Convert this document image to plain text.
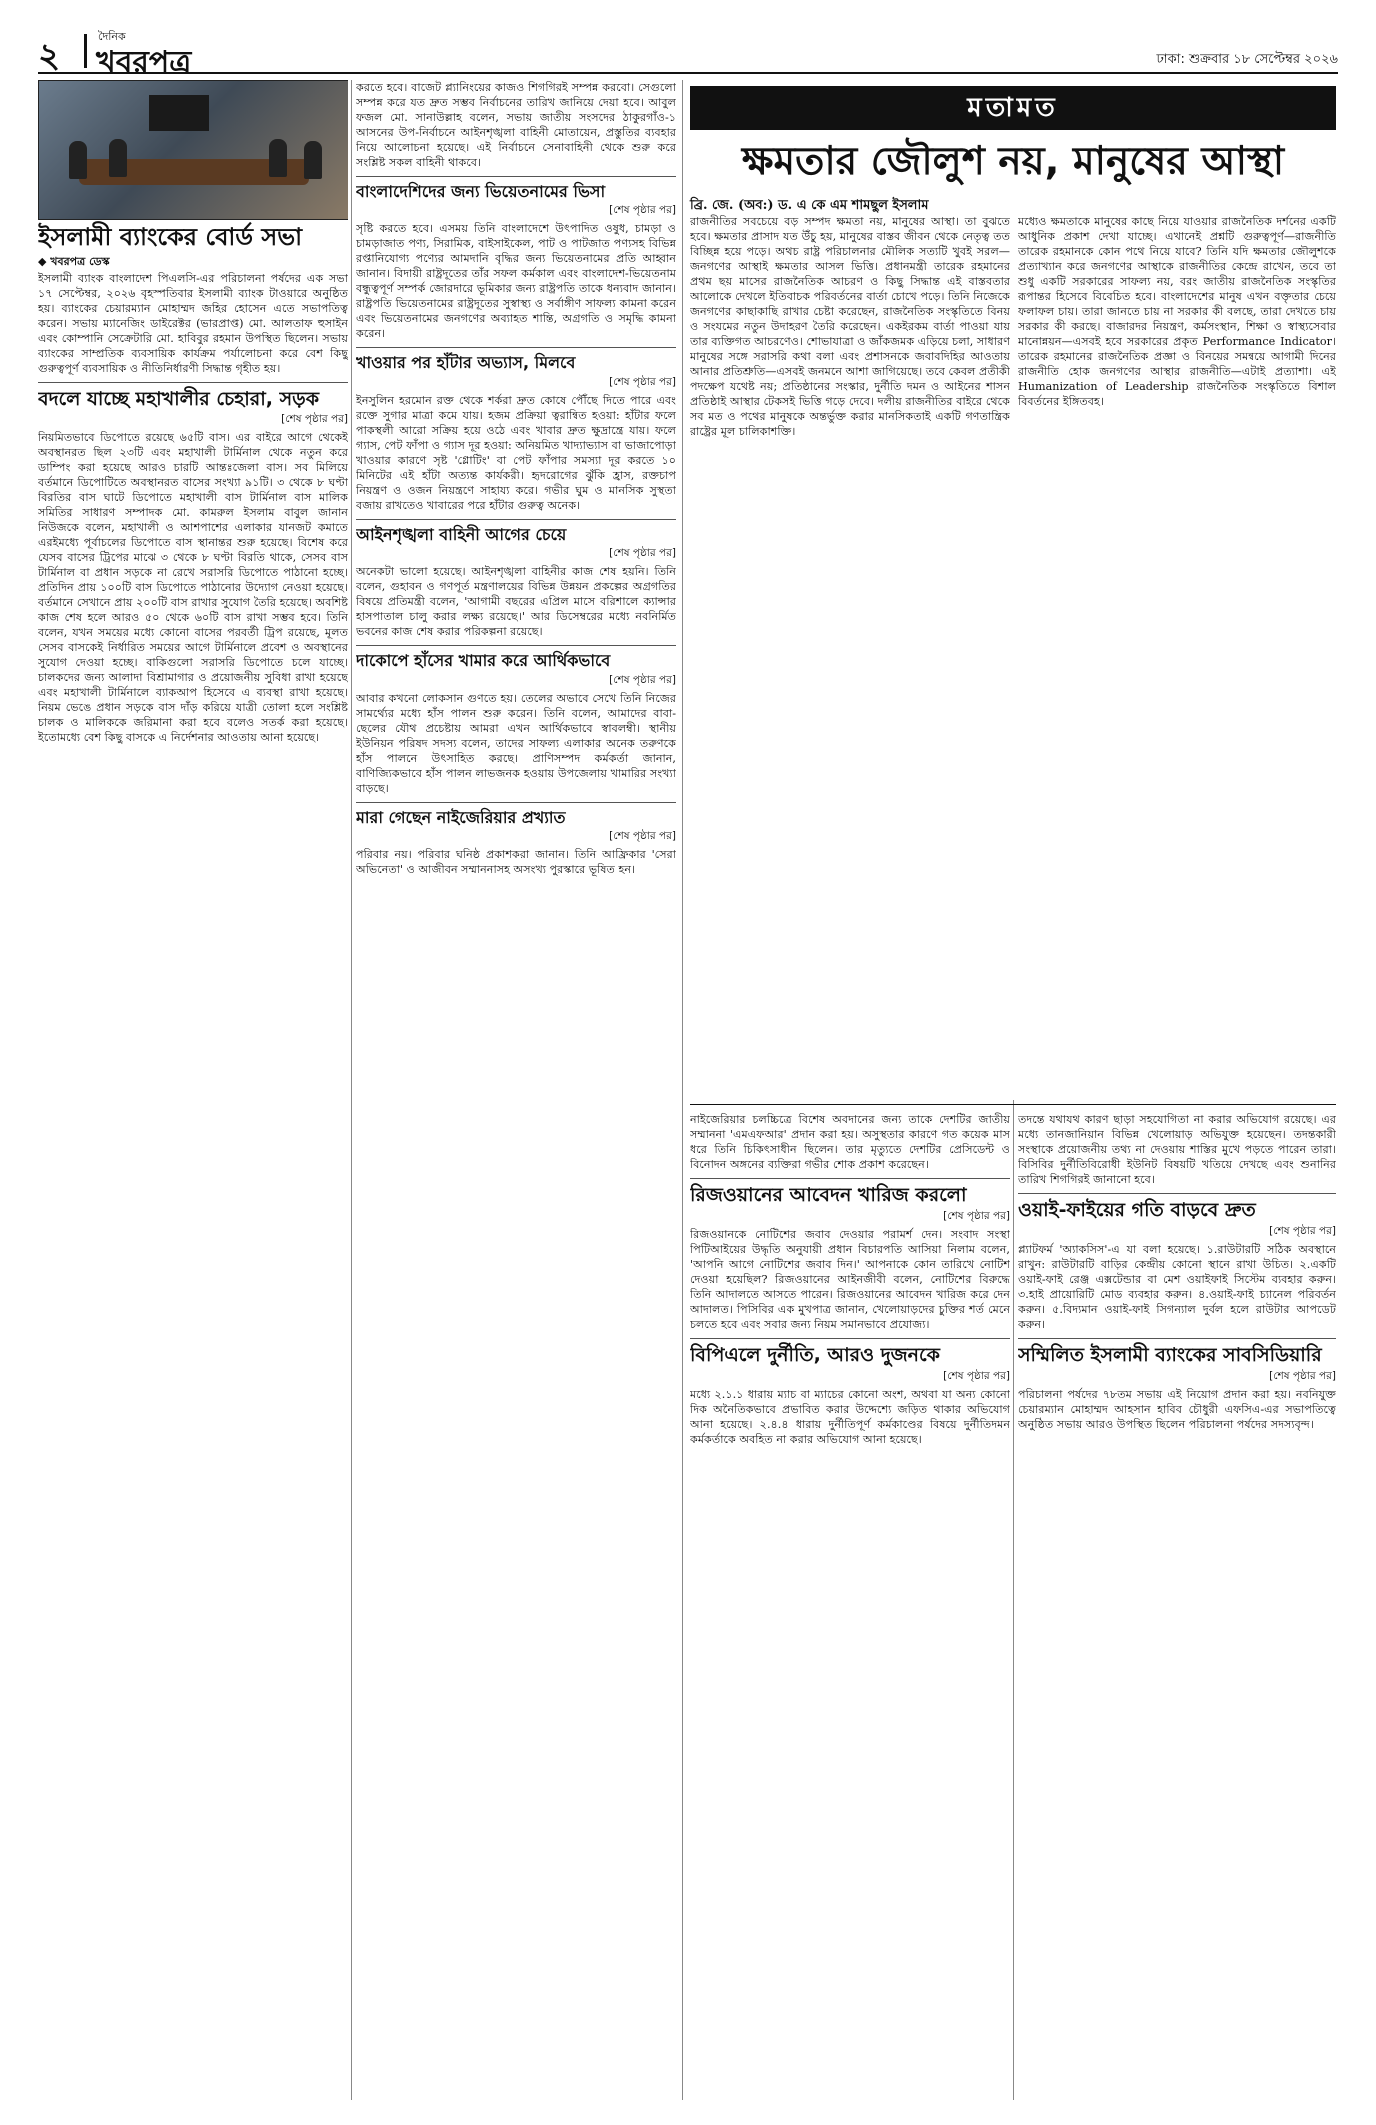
২	দৈনিক
খবরপত্র	ঢাকা: শুক্রবার ১৮ সেপ্টেম্বর ২০২৬
ইসলামী ব্যাংকের বোর্ড সভা
◆ খবরপত্র ডেস্ক

ইসলামী ব্যাংক বাংলাদেশ পিএলসি-এর পরিচালনা পর্ষদের এক সভা ১৭ সেপ্টেম্বর, ২০২৬ বৃহস্পতিবার ইসলামী ব্যাংক টাওয়ারে অনুষ্ঠিত হয়। ব্যাংকের চেয়ারম্যান মোহাম্মদ জহির হোসেন এতে সভাপতিত্ব করেন। সভায় ম্যানেজিং ডাইরেক্টর (ভারপ্রাপ্ত) মো. আলতাফ হুসাইন এবং কোম্পানি সেক্রেটারি মো. হাবিবুর রহমান উপস্থিত ছিলেন। সভায় ব্যাংকের সাম্প্রতিক ব্যবসায়িক কার্যক্রম পর্যালোচনা করে বেশ কিছু গুরুত্বপূর্ণ ব্যবসায়িক ও নীতিনির্ধারণী সিদ্ধান্ত গৃহীত হয়।

বদলে যাচ্ছে মহাখালীর চেহারা, সড়ক
[শেষ পৃষ্ঠার পর]

নিয়মিতভাবে ডিপোতে রয়েছে ৬৫টি বাস। এর বাইরে আগে থেকেই অবস্থানরত ছিল ২৩টি এবং মহাখালী টার্মিনাল থেকে নতুন করে ডাম্পিং করা হয়েছে আরও চারটি আন্তঃজেলা বাস। সব মিলিয়ে বর্তমানে ডিপোটিতে অবস্থানরত বাসের সংখ্যা ৯১টি। ৩ থেকে ৮ ঘণ্টা বিরতির বাস ঘাটে ডিপোতে মহাখালী বাস টার্মিনাল বাস মালিক সমিতির সাধারণ সম্পাদক মো. কামরুল ইসলাম বাবুল জানান নিউজকে বলেন, মহাখালী ও আশপাশের এলাকার যানজট কমাতে এরইমধ্যে পূর্বাচলের ডিপোতে বাস স্থানান্তর শুরু হয়েছে। বিশেষ করে যেসব বাসের ট্রিপের মাঝে ৩ থেকে ৮ ঘণ্টা বিরতি থাকে, সেসব বাস টার্মিনাল বা প্রধান সড়কে না রেখে সরাসরি ডিপোতে পাঠানো হচ্ছে। প্রতিদিন প্রায় ১০০টি বাস ডিপোতে পাঠানোর উদ্যোগ নেওয়া হয়েছে। বর্তমানে সেখানে প্রায় ২০০টি বাস রাখার সুযোগ তৈরি হয়েছে। অবশিষ্ট কাজ শেষ হলে আরও ৫০ থেকে ৬০টি বাস রাখা সম্ভব হবে। তিনি বলেন, যখন সময়ের মধ্যে কোনো বাসের পরবর্তী ট্রিপ রয়েছে, মূলত সেসব বাসকেই নির্ধারিত সময়ের আগে টার্মিনালে প্রবেশ ও অবস্থানের সুযোগ দেওয়া হচ্ছে। বাকিগুলো সরাসরি ডিপোতে চলে যাচ্ছে। চালকদের জন্য আলাদা বিশ্রামাগার ও প্রয়োজনীয় সুবিধা রাখা হয়েছে এবং মহাখালী টার্মিনালে ব্যাকআপ হিসেবে এ ব্যবস্থা রাখা হয়েছে। নিয়ম ভেঙে প্রধান সড়কে বাস দাঁড় করিয়ে যাত্রী তোলা হলে সংশ্লিষ্ট চালক ও মালিককে জরিমানা করা হবে বলেও সতর্ক করা হয়েছে। ইতোমধ্যে বেশ কিছু বাসকে এ নির্দেশনার আওতায় আনা হয়েছে।

করতে হবে। বাজেট প্ল্যানিংয়ের কাজও শিগগিরই সম্পন্ন করবো। সেগুলো সম্পন্ন করে যত দ্রুত সম্ভব নির্বাচনের তারিখ জানিয়ে দেয়া হবে। আবুল ফজল মো. সানাউল্লাহ বলেন, সভায় জাতীয় সংসদের ঠাকুরগাঁও-১ আসনের উপ-নির্বাচনে আইনশৃঙ্খলা বাহিনী মোতায়েন, প্রস্তুতির ব্যবহার নিয়ে আলোচনা হয়েছে। এই নির্বাচনে সেনাবাহিনী থেকে শুরু করে সংশ্লিষ্ট সকল বাহিনী থাকবে।

বাংলাদেশিদের জন্য ভিয়েতনামের ভিসা
[শেষ পৃষ্ঠার পর]

সৃষ্টি করতে হবে। এসময় তিনি বাংলাদেশে উৎপাদিত ওষুধ, চামড়া ও চামড়াজাত পণ্য, সিরামিক, বাইসাইকেল, পাট ও পাটজাত পণ্যসহ বিভিন্ন রপ্তানিযোগ্য পণ্যের আমদানি বৃদ্ধির জন্য ভিয়েতনামের প্রতি আহ্বান জানান। বিদায়ী রাষ্ট্রদূতের তাঁর সফল কর্মকাল এবং বাংলাদেশ-ভিয়েতনাম বন্ধুত্বপূর্ণ সম্পর্ক জোরদারে ভূমিকার জন্য রাষ্ট্রপতি তাকে ধন্যবাদ জানান। রাষ্ট্রপতি ভিয়েতনামের রাষ্ট্রদূতের সুস্বাস্থ্য ও সর্বাঙ্গীণ সাফল্য কামনা করেন এবং ভিয়েতনামের জনগণের অব্যাহত শান্তি, অগ্রগতি ও সমৃদ্ধি কামনা করেন।

খাওয়ার পর হাঁটার অভ্যাস, মিলবে
[শেষ পৃষ্ঠার পর]

ইনসুলিন হরমোন রক্ত থেকে শর্করা দ্রুত কোষে পৌঁছে দিতে পারে এবং রক্তে সুগার মাত্রা কমে যায়। হজম প্রক্রিয়া ত্বরান্বিত হওয়া: হাঁটার ফলে পাকস্থলী আরো সক্রিয় হয়ে ওঠে এবং খাবার দ্রুত ক্ষুদ্রান্ত্রে যায়। ফলে গ্যাস, পেট ফাঁপা ও গ্যাস দূর হওয়া: অনিয়মিত খাদ্যাভ্যাস বা ভাজাপোড়া খাওয়ার কারণে সৃষ্ট 'গ্লোটিং' বা পেট ফাঁপার সমস্যা দূর করতে ১০ মিনিটের এই হাঁটা অত্যন্ত কার্যকরী। হৃদরোগের ঝুঁকি হ্রাস, রক্তচাপ নিয়ন্ত্রণ ও ওজন নিয়ন্ত্রণে সাহায্য করে। গভীর ঘুম ও মানসিক সুস্থতা বজায় রাখতেও খাবারের পরে হাঁটার গুরুত্ব অনেক।

আইনশৃঙ্খলা বাহিনী আগের চেয়ে
[শেষ পৃষ্ঠার পর]

অনেকটা ভালো হয়েছে। আইনশৃঙ্খলা বাহিনীর কাজ শেষ হয়নি। তিনি বলেন, গুহাবন ও গণপূর্ত মন্ত্রণালয়ের বিভিন্ন উন্নয়ন প্রকল্পের অগ্রগতির বিষয়ে প্রতিমন্ত্রী বলেন, 'আগামী বছরের এপ্রিল মাসে বরিশালে ক্যান্সার হাসপাতাল চালু করার লক্ষ্য রয়েছে।' আর ডিসেম্বরের মধ্যে নবনির্মিত ভবনের কাজ শেষ করার পরিকল্পনা রয়েছে।

দাকোপে হাঁসের খামার করে আর্থিকভাবে
[শেষ পৃষ্ঠার পর]

আবার কখনো লোকসান গুণতে হয়। তেলের অভাবে সেখে তিনি নিজের সামর্থ্যের মধ্যে হাঁস পালন শুরু করেন। তিনি বলেন, আমাদের বাবা-ছেলের যৌথ প্রচেষ্টায় আমরা এখন আর্থিকভাবে স্বাবলম্বী। স্থানীয় ইউনিয়ন পরিষদ সদস্য বলেন, তাদের সাফল্য এলাকার অনেক তরুণকে হাঁস পালনে উৎসাহিত করছে। প্রাণিসম্পদ কর্মকর্তা জানান, বাণিজ্যিকভাবে হাঁস পালন লাভজনক হওয়ায় উপজেলায় খামারির সংখ্যা বাড়ছে।

মারা গেছেন নাইজেরিয়ার প্রখ্যাত
[শেষ পৃষ্ঠার পর]

পরিবার নয়। পরিবার ঘনিষ্ঠ প্রকাশকরা জানান। তিনি আফ্রিকার 'সেরা অভিনেতা' ও আজীবন সম্মাননাসহ অসংখ্য পুরস্কারে ভূষিত হন।

মতামত
ক্ষমতার জৌলুশ নয়, মানুষের আস্থা
ব্রি. জে. (অব:) ড. এ কে এম শামছুল ইসলাম
রাজনীতির সবচেয়ে বড় সম্পদ ক্ষমতা নয়, মানুষের আস্থা। তা বুঝতে হবে। ক্ষমতার প্রাসাদ যত উঁচু হয়, মানুষের বাস্তব জীবন থেকে নেতৃত্ব তত বিচ্ছিন্ন হয়ে পড়ে। অথচ রাষ্ট্র পরিচালনার মৌলিক সত্যটি খুবই সরল—জনগণের আস্থাই ক্ষমতার আসল ভিত্তি। প্রধানমন্ত্রী তারেক রহমানের প্রথম ছয় মাসের রাজনৈতিক আচরণ ও কিছু সিদ্ধান্ত এই বাস্তবতার আলোকে দেখলে ইতিবাচক পরিবর্তনের বার্তা চোখে পড়ে। তিনি নিজেকে জনগণের কাছাকাছি রাখার চেষ্টা করেছেন, রাজনৈতিক সংস্কৃতিতে বিনয় ও সংযমের নতুন উদাহরণ তৈরি করেছেন। একইরকম বার্তা পাওয়া যায় তার ব্যক্তিগত আচরণেও। শোভাযাত্রা ও জাঁকজমক এড়িয়ে চলা, সাধারণ মানুষের সঙ্গে সরাসরি কথা বলা এবং প্রশাসনকে জবাবদিহির আওতায় আনার প্রতিশ্রুতি—এসবই জনমনে আশা জাগিয়েছে। তবে কেবল প্রতীকী পদক্ষেপ যথেষ্ট নয়; প্রতিষ্ঠানের সংস্কার, দুর্নীতি দমন ও আইনের শাসন প্রতিষ্ঠাই আস্থার টেকসই ভিত্তি গড়ে দেবে। দলীয় রাজনীতির বাইরে থেকে সব মত ও পথের মানুষকে অন্তর্ভুক্ত করার মানসিকতাই একটি গণতান্ত্রিক রাষ্ট্রের মূল চালিকাশক্তি।
মধ্যেও ক্ষমতাকে মানুষের কাছে নিয়ে যাওয়ার রাজনৈতিক দর্শনের একটি আধুনিক প্রকাশ দেখা যাচ্ছে। এখানেই প্রশ্নটি গুরুত্বপূর্ণ—রাজনীতি তারেক রহমানকে কোন পথে নিয়ে যাবে? তিনি যদি ক্ষমতার জৌলুশকে প্রত্যাখ্যান করে জনগণের আস্থাকে রাজনীতির কেন্দ্রে রাখেন, তবে তা শুধু একটি সরকারের সাফল্য নয়, বরং জাতীয় রাজনৈতিক সংস্কৃতির রূপান্তর হিসেবে বিবেচিত হবে। বাংলাদেশের মানুষ এখন বক্তৃতার চেয়ে ফলাফল চায়। তারা জানতে চায় না সরকার কী বলছে, তারা দেখতে চায় সরকার কী করছে। বাজারদর নিয়ন্ত্রণ, কর্মসংস্থান, শিক্ষা ও স্বাস্থ্যসেবার মানোন্নয়ন—এসবই হবে সরকারের প্রকৃত Performance Indicator। তারেক রহমানের রাজনৈতিক প্রজ্ঞা ও বিনয়ের সমন্বয়ে আগামী দিনের রাজনীতি হোক জনগণের আস্থার রাজনীতি—এটাই প্রত্যাশা। এই Humanization of Leadership রাজনৈতিক সংস্কৃতিতে বিশাল বিবর্তনের ইঙ্গিতবহ।

নাইজেরিয়ার চলচ্চিত্রে বিশেষ অবদানের জন্য তাকে দেশটির জাতীয় সম্মাননা 'এমএফআর' প্রদান করা হয়। অসুস্থতার কারণে গত কয়েক মাস ধরে তিনি চিকিৎসাধীন ছিলেন। তার মৃত্যুতে দেশটির প্রেসিডেন্ট ও বিনোদন অঙ্গনের ব্যক্তিরা গভীর শোক প্রকাশ করেছেন।

রিজওয়ানের আবেদন খারিজ করলো
[শেষ পৃষ্ঠার পর]

রিজওয়ানকে নোটিশের জবাব দেওয়ার পরামর্শ দেন। সংবাদ সংস্থা পিটিআইয়ের উদ্ধৃতি অনুযায়ী প্রধান বিচারপতি আসিয়া নিলাম বলেন, 'আপনি আগে নোটিশের জবাব দিন।' আপনাকে কোন তারিখে নোটিশ দেওয়া হয়েছিল? রিজওয়ানের আইনজীবী বলেন, নোটিশের বিরুদ্ধে তিনি আদালতে আসতে পারেন। রিজওয়ানের আবেদন খারিজ করে দেন আদালত। পিসিবির এক মুখপাত্র জানান, খেলোয়াড়দের চুক্তির শর্ত মেনে চলতে হবে এবং সবার জন্য নিয়ম সমানভাবে প্রযোজ্য।

বিপিএলে দুর্নীতি, আরও দুজনকে
[শেষ পৃষ্ঠার পর]

মধ্যে ২.১.১ ধারায় ম্যাচ বা ম্যাচের কোনো অংশ, অথবা যা অন্য কোনো দিক অনৈতিকভাবে প্রভাবিত করার উদ্দেশ্যে জড়িত থাকার অভিযোগ আনা হয়েছে। ২.৪.৪ ধারায় দুর্নীতিপূর্ণ কর্মকাণ্ডের বিষয়ে দুর্নীতিদমন কর্মকর্তাকে অবহিত না করার অভিযোগ আনা হয়েছে।

তদন্তে যথাযথ কারণ ছাড়া সহযোগিতা না করার অভিযোগ রয়েছে। এর মধ্যে তানজানিয়ান বিভিন্ন খেলোয়াড় অভিযুক্ত হয়েছেন। তদন্তকারী সংস্থাকে প্রয়োজনীয় তথ্য না দেওয়ায় শাস্তির মুখে পড়তে পারেন তারা। বিসিবির দুর্নীতিবিরোধী ইউনিট বিষয়টি খতিয়ে দেখছে এবং শুনানির তারিখ শিগগিরই জানানো হবে।

ওয়াই-ফাইয়ের গতি বাড়বে দ্রুত
[শেষ পৃষ্ঠার পর]

প্ল্যাটফর্ম 'অ্যাকসিস'-এ যা বলা হয়েছে। ১.রাউটারটি সঠিক অবস্থানে রাখুন: রাউটারটি বাড়ির কেন্দ্রীয় কোনো স্থানে রাখা উচিত। ২.একটি ওয়াই-ফাই রেঞ্জ এক্সটেন্ডার বা মেশ ওয়াইফাই সিস্টেম ব্যবহার করুন। ৩.হাই প্রায়োরিটি মোড ব্যবহার করুন। ৪.ওয়াই-ফাই চ্যানেল পরিবর্তন করুন। ৫.বিদ্যমান ওয়াই-ফাই সিগন্যাল দুর্বল হলে রাউটার আপডেট করুন।

সম্মিলিত ইসলামী ব্যাংকের সাবসিডিয়ারি
[শেষ পৃষ্ঠার পর]

পরিচালনা পর্ষদের ৭৮তম সভায় এই নিয়োগ প্রদান করা হয়। নবনিযুক্ত চেয়ারম্যান মোহাম্মদ আহসান হাবিব চৌধুরী এফসিএ-এর সভাপতিত্বে অনুষ্ঠিত সভায় আরও উপস্থিত ছিলেন পরিচালনা পর্ষদের সদস্যবৃন্দ।
